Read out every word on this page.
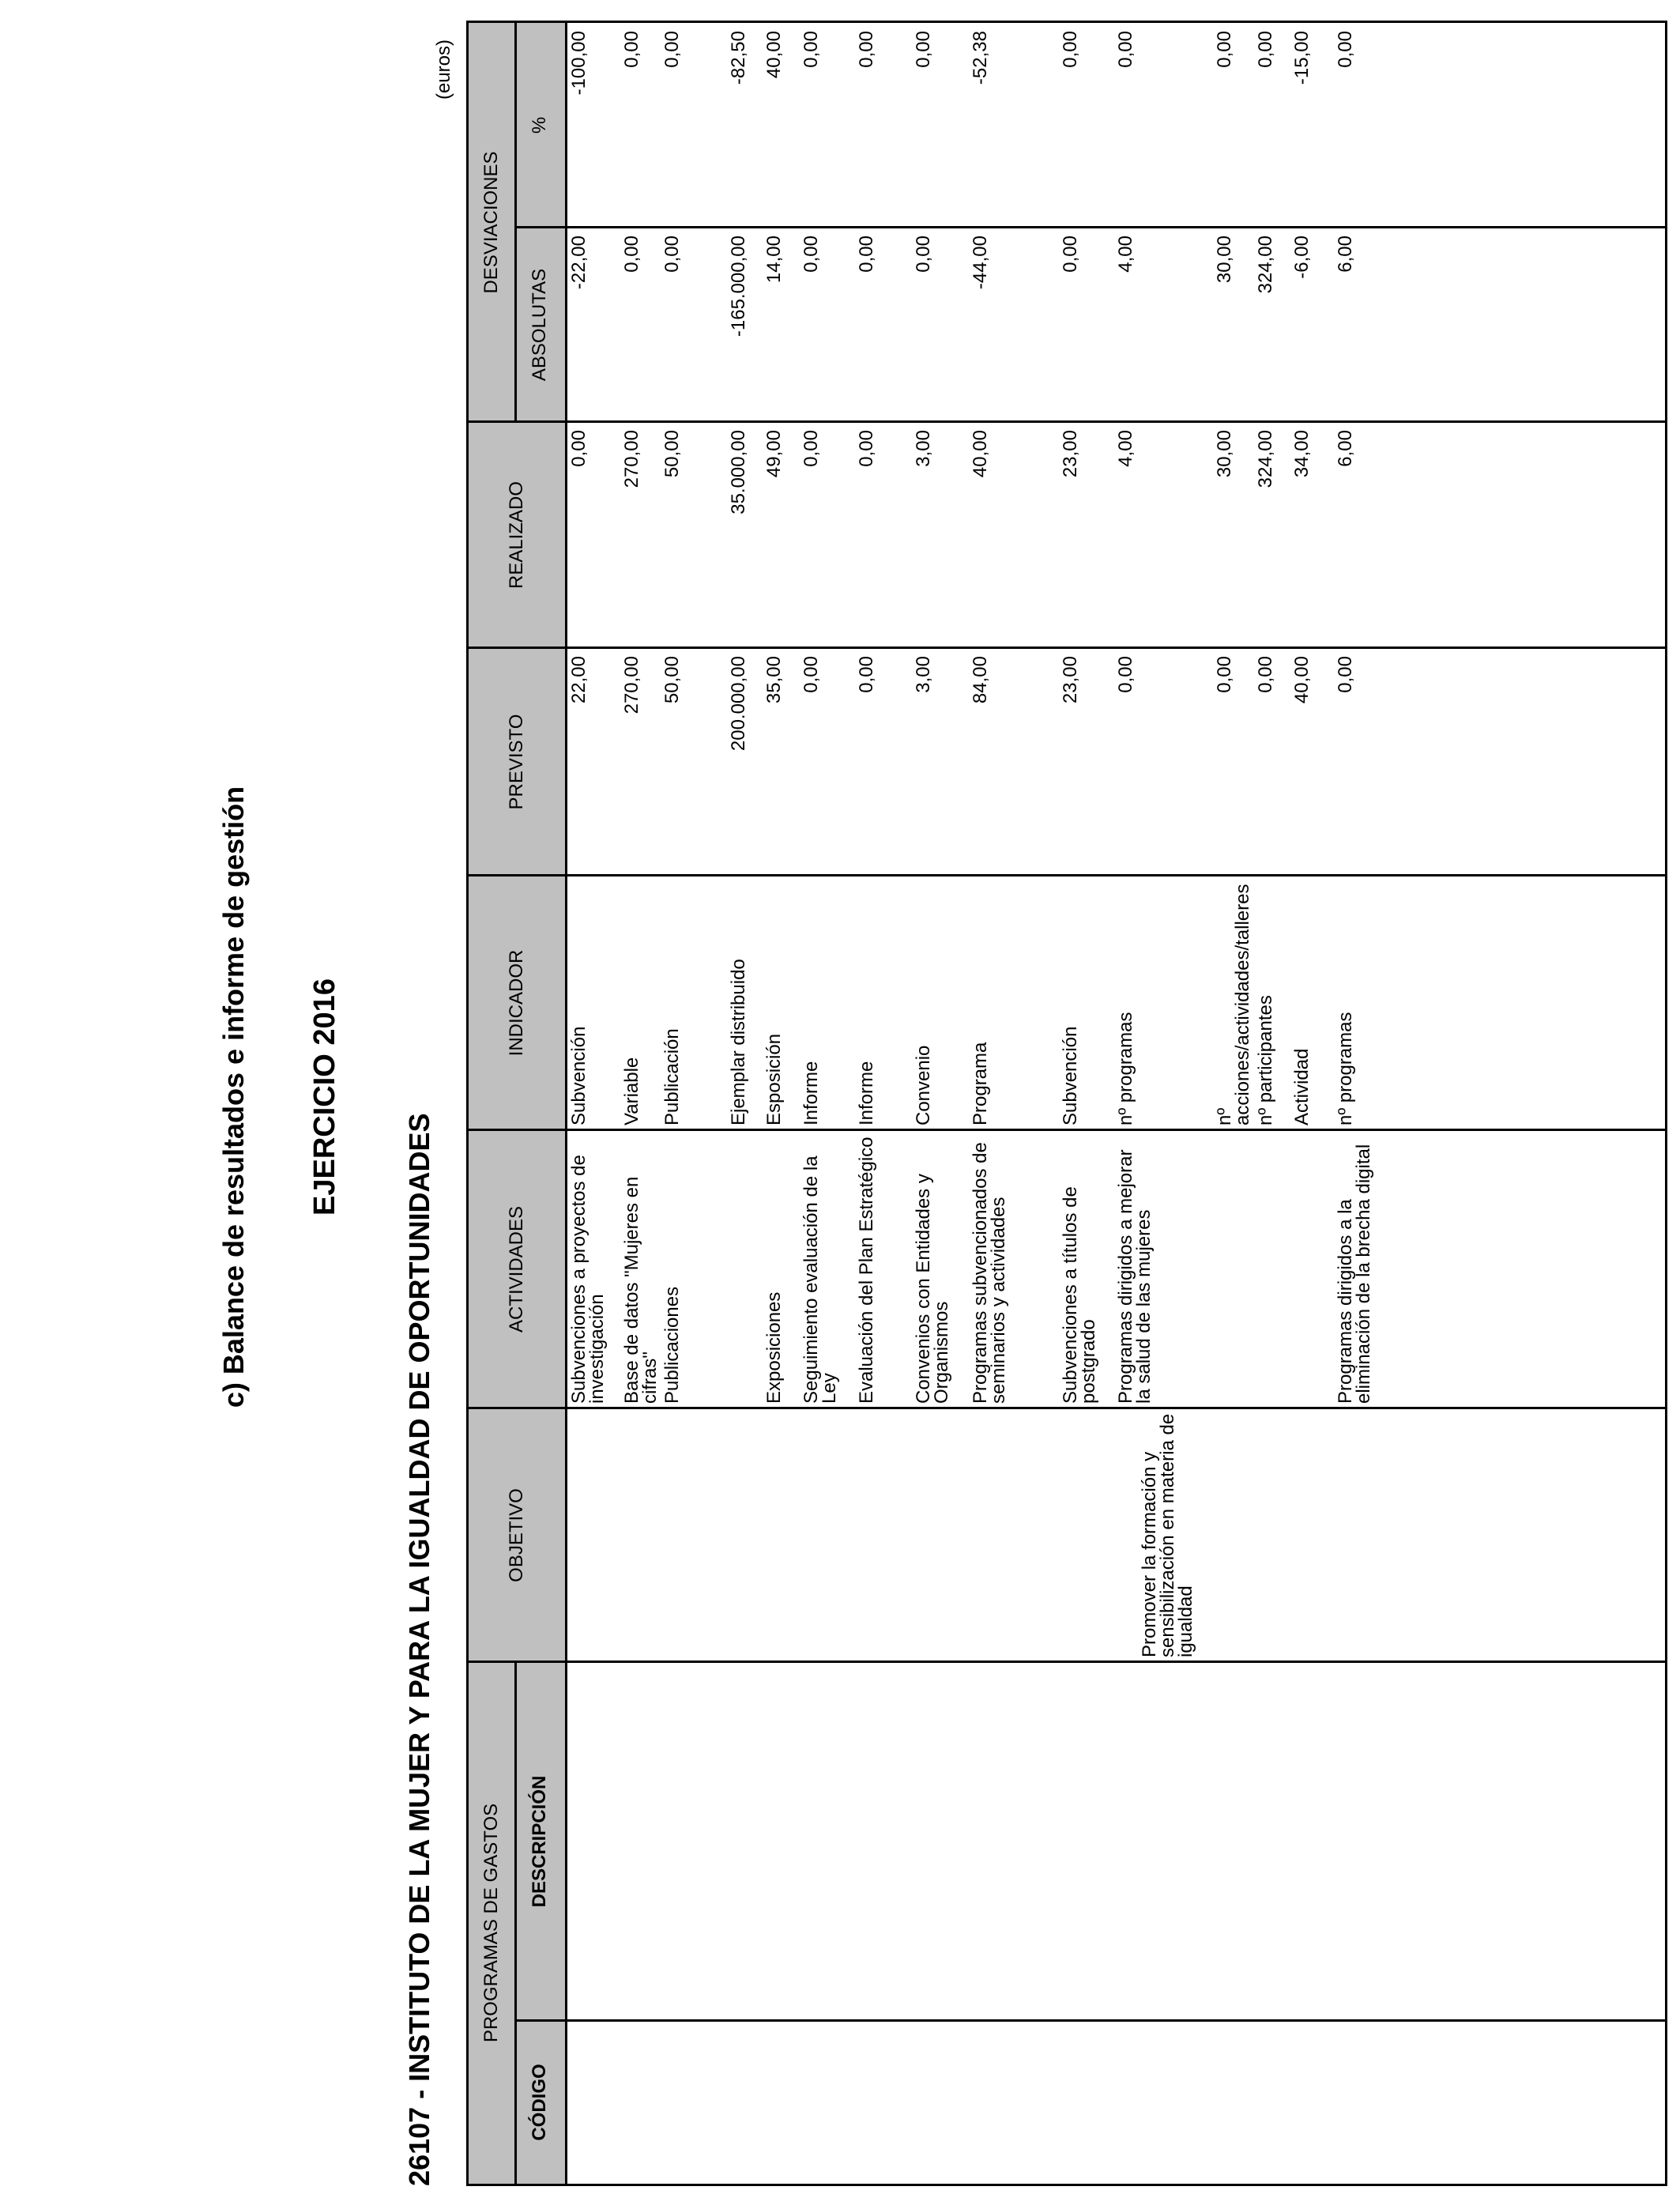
c) Balance de resultados e informe de gestión EJERCICIO 2016
26107 - INSTITUTO DE LA MUJER Y PARA LA IGUALDAD DE OPORTUNIDADES
(euros)
PROGRAMAS DE GASTOS
DESVIACIONES
CÓDIGO
DESCRIPCIÓN
OBJETIVO
ACTIVIDADES
INDICADOR
PREVISTO
REALIZADO
ABSOLUTAS
%
Promover la formación y sensibilización en materia de igualdad
Subvenciones a proyectos de investigación
Subvención
22,00
0,00
-22,00
-100,00
Base de datos "Mujeres en cifras"
Variable
270,00
270,00
0,00
0,00
Publicaciones
Publicación
50,00
50,00
0,00
0,00
Ejemplar distribuido
200.000,00
35.000,00
-165.000,00
-82,50
Exposiciones
Esposición
35,00
49,00
14,00
40,00
Seguimiento evaluación de la Ley
Informe
0,00
0,00
0,00
0,00
Evaluación del Plan Estratégico
Informe
0,00
0,00
0,00
0,00
Convenios con Entidades y Organismos
Convenio
3,00
3,00
0,00
0,00
Programas subvencionados de seminarios y actividades
Programa
84,00
40,00
-44,00
-52,38
Subvenciones a títulos de postgrado
Subvención
23,00
23,00
0,00
0,00
Programas dirigidos a mejorar la salud de las mujeres
nº programas
0,00
4,00
4,00
0,00
nº acciones/actividades/talleres
0,00
30,00
30,00
0,00
nº participantes
0,00
324,00
324,00
0,00
Actividad
40,00
34,00
-6,00
-15,00
Programas dirigidos a la eliminación de la brecha digital
nº programas
0,00
6,00
6,00
0,00
